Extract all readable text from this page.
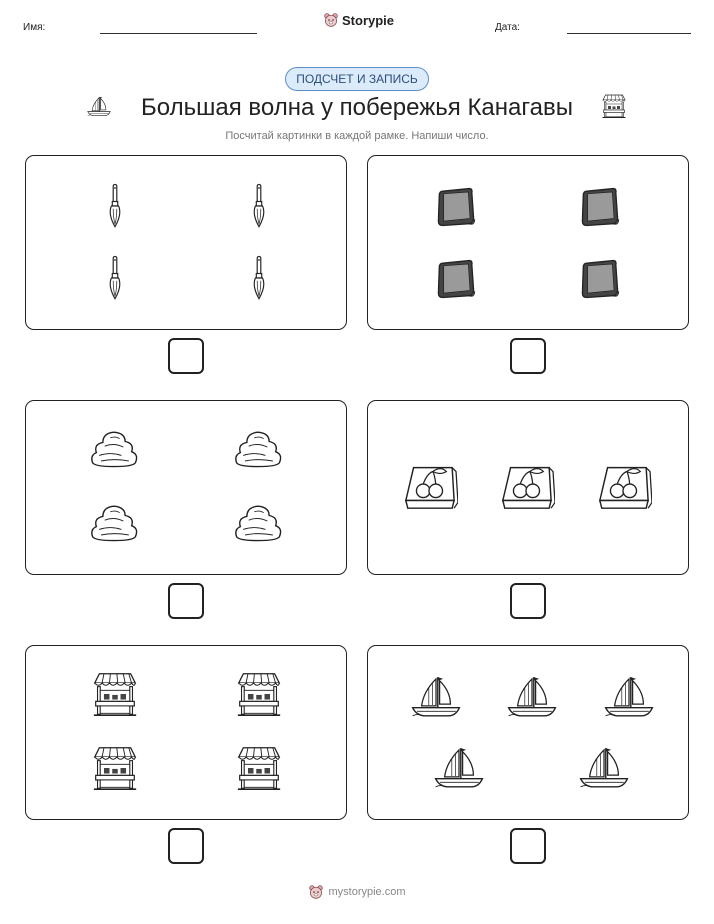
Имя:	Storypie	Дата:
ПОДСЧЕТ И ЗАПИСЬ
Большая волна у побережья Канагавы
Посчитай картинки в каждой рамке. Напиши число.
mystorypie.com
